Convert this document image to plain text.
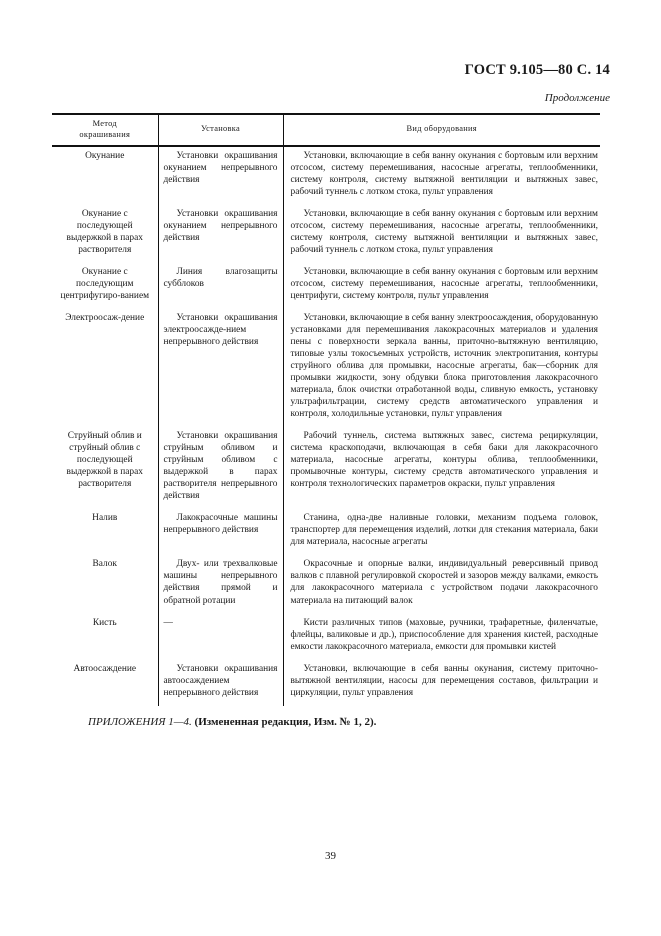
ГОСТ 9.105—80 С. 14
Продолжение
Метод
окрашивания	Установка	Вид оборудования
Окунание	Установки окрашивания окунанием непрерывного действия	Установки, включающие в себя ванну окунания с бортовым или верхним отсосом, систему перемешивания, насосные агрегаты, теплообменники, систему контроля, систему вытяжной вентиляции и вытяжных завес, рабочий туннель с лотком стока, пульт управления
Окунание с последующей выдержкой в парах растворителя	Установки окрашивания окунанием непрерывного действия	Установки, включающие в себя ванну окунания с бортовым или верхним отсосом, систему перемешивания, насосные агрегаты, теплообменники, систему контроля, систему вытяжной вентиляции и вытяжных завес, рабочий туннель с лотком стока, пульт управления
Окунание с последующим центрифугиро-ванием	Линия влагозащиты субблоков	Установки, включающие в себя ванну окунания с бортовым или верхним отсосом, систему перемешивания, насосные агрегаты, теплообменники, центрифуги, систему контроля, пульт управления
Электроосаж-дение	Установки окрашивания электроосажде-нием непрерывного действия	Установки, включающие в себя ванну электроосаждения, оборудованную установками для перемешивания лакокрасочных материалов и удаления пены с поверхности зеркала ванны, приточно-вытяжную вентиляцию, типовые узлы токосъемных устройств, источник электропитания, контуры струйного облива для промывки, насосные агрегаты, бак—сборник для промывки жидкости, зону обдувки блока приготовления лакокрасочного материала, блок очистки отработанной воды, сливную емкость, установку ультрафильтрации, систему средств автоматического управления и контроля, холодильные установки, пульт управления
Струйный облив и струйный облив с последующей выдержкой в парах растворителя	Установки окрашивания струйным обливом и струйным обливом с выдержкой в парах растворителя непрерывного действия	Рабочий туннель, система вытяжных завес, система рециркуляции, система краскоподачи, включающая в себя баки для лакокрасочного материала, насосные агрегаты, контуры облива, теплообменники, промывочные контуры, систему средств автоматического управления и контроля технологических параметров окраски, пульт управления
Налив	Лакокрасочные машины непрерывного действия	Станина, одна-две наливные головки, механизм подъема головок, транспортер для перемещения изделий, лотки для стекания материала, баки для материала, насосные агрегаты
Валок	Двух- или трехвалковые машины непрерывного действия прямой и обратной ротации	Окрасочные и опорные валки, индивидуальный реверсивный привод валков с плавной регулировкой скоростей и зазоров между валками, емкость для лакокрасочного материала с устройством подачи лакокрасочного материала на питающий валок
Кисть	—	Кисти различных типов (маховые, ручники, трафаретные, филенчатые, флейцы, валиковые и др.), приспособление для хранения кистей, расходные емкости лакокрасочного материала, емкости для промывки кистей
Автоосаждение	Установки окрашивания автоосаждением непрерывного действия	Установки, включающие в себя ванны окунания, систему приточно-вытяжной вентиляции, насосы для перемещения составов, фильтрации и циркуляции, пульт управления
ПРИЛОЖЕНИЯ 1—4. (Измененная редакция, Изм. № 1, 2).
39
